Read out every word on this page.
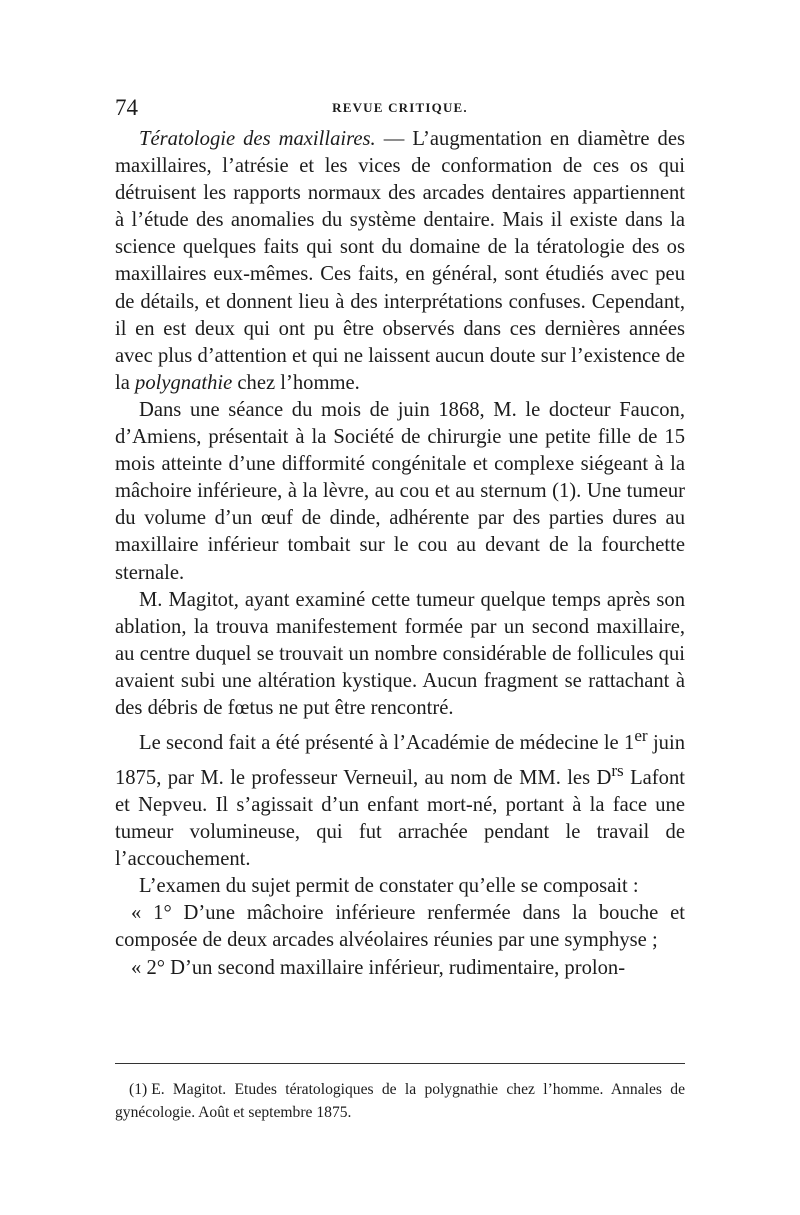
74	REVUE CRITIQUE.

Tératologie des maxillaires. — L’augmentation en diamètre des maxillaires, l’atrésie et les vices de conformation de ces os qui détruisent les rapports normaux des arcades dentaires appartiennent à l’étude des anomalies du système dentaire. Mais il existe dans la science quelques faits qui sont du domaine de la tératologie des os maxillaires eux-mêmes. Ces faits, en général, sont étudiés avec peu de détails, et donnent lieu à des interprétations confuses. Cependant, il en est deux qui ont pu être observés dans ces dernières années avec plus d’attention et qui ne laissent aucun doute sur l’existence de la polygnathie chez l’homme.

Dans une séance du mois de juin 1868, M. le docteur Faucon, d’Amiens, présentait à la Société de chirurgie une petite fille de 15 mois atteinte d’une difformité congénitale et complexe siégeant à la mâchoire inférieure, à la lèvre, au cou et au sternum (1). Une tumeur du volume d’un œuf de dinde, adhérente par des parties dures au maxillaire inférieur tombait sur le cou au devant de la fourchette sternale.

M. Magitot, ayant examiné cette tumeur quelque temps après son ablation, la trouva manifestement formée par un second maxillaire, au centre duquel se trouvait un nombre considérable de follicules qui avaient subi une altération kystique. Aucun fragment se rattachant à des débris de fœtus ne put être rencontré.

Le second fait a été présenté à l’Académie de médecine le 1er juin 1875, par M. le professeur Verneuil, au nom de MM. les $D^{rs}$ Lafont et Nepveu. Il s’agissait d’un enfant mort-né, portant à la face une tumeur volumineuse, qui fut arrachée pendant le travail de l’accouchement.

L’examen du sujet permit de constater qu’elle se composait :

« 1° D’une mâchoire inférieure renfermée dans la bouche et composée de deux arcades alvéolaires réunies par une symphyse ;

« 2° D’un second maxillaire inférieur, rudimentaire, prolon-

(1) E. Magitot. Etudes tératologiques de la polygnathie chez l’homme. Annales de gynécologie. Août et septembre 1875.
